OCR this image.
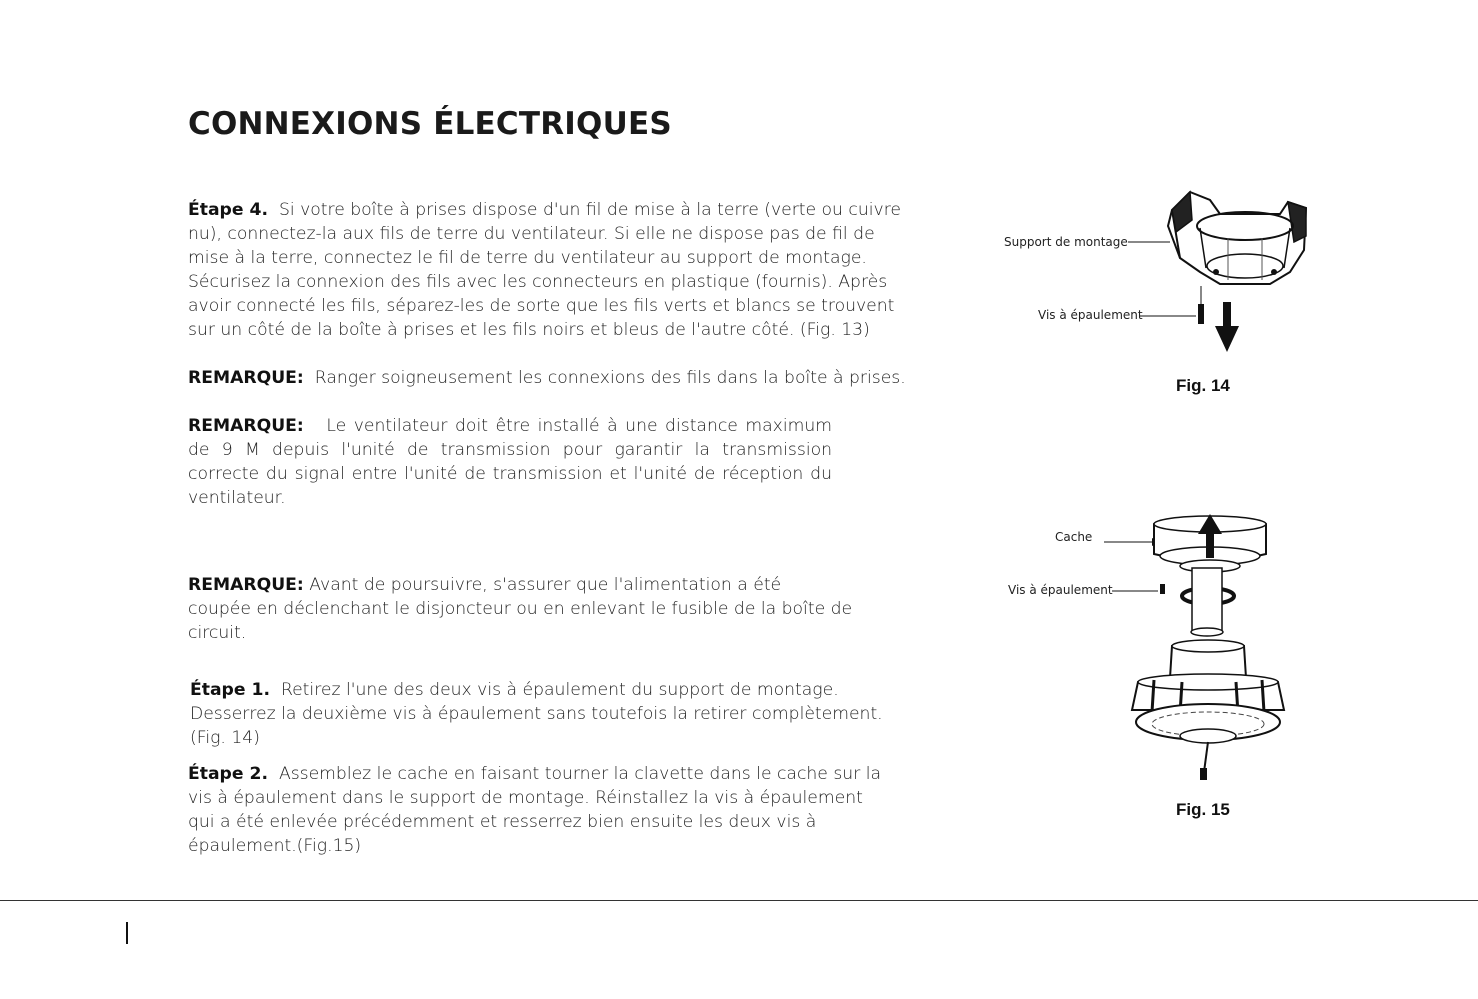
CONNEXIONS ÉLECTRIQUES

Étape 4. Si votre boîte à prises dispose d'un fil de mise à la terre (verte ou cuivre
nu), connectez-la aux fils de terre du ventilateur. Si elle ne dispose pas de fil de
mise à la terre, connectez le fil de terre du ventilateur au support de montage.
Sécurisez la connexion des fils avec les connecteurs en plastique (fournis). Après
avoir connecté les fils, séparez-les de sorte que les fils verts et blancs se trouvent
sur un côté de la boîte à prises et les fils noirs et bleus de l'autre côté. (Fig. 13)

REMARQUE: Ranger soigneusement les connexions des fils dans la boîte à prises.

REMARQUE: Le ventilateur doit être installé à une distance maximum
de 9 M depuis l'unité de transmission pour garantir la transmission
correcte du signal entre l'unité de transmission et l'unité de réception du
ventilateur.

REMARQUE: Avant de poursuivre, s'assurer que l'alimentation a été
coupée en déclenchant le disjoncteur ou en enlevant le fusible de la boîte de
circuit.

Étape 1. Retirez l'une des deux vis à épaulement du support de montage.
Desserrez la deuxième vis à épaulement sans toutefois la retirer complètement.
(Fig. 14)

Étape 2. Assemblez le cache en faisant tourner la clavette dans le cache sur la
vis à épaulement dans le support de montage. Réinstallez la vis à épaulement
qui a été enlevée précédemment et resserrez bien ensuite les deux vis à
épaulement.(Fig.15)

Support de montage
Vis à épaulement
Fig. 14
Cache
Vis à épaulement
Fig. 15
